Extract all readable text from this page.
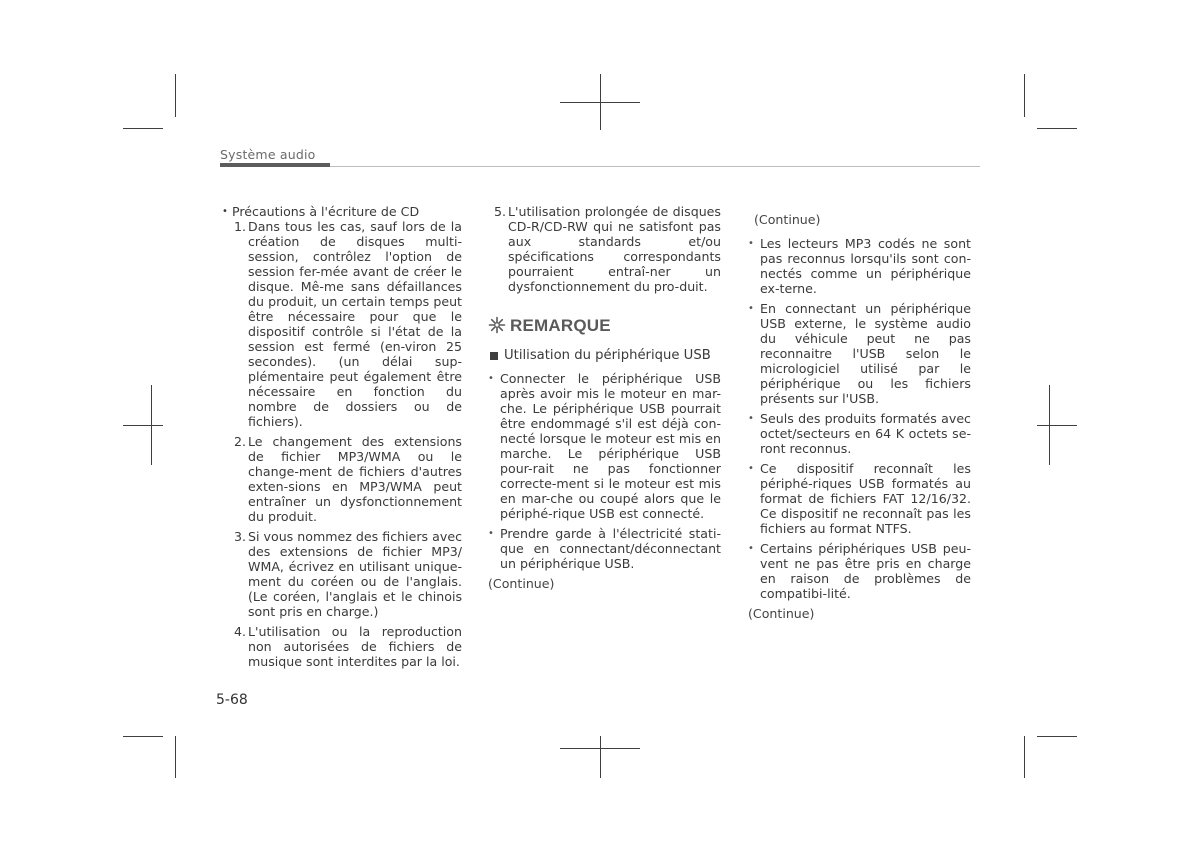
Système audio
• Précautions à l'écriture de CD
1. Dans tous les cas, sauf lors de la création de disques multi-session, contrôlez l'option de session fer-mée avant de créer le disque. Mê-me sans défaillances du produit, un certain temps peut être nécessaire pour que le dispositif contrôle si l'état de la session est fermé (en-viron 25 secondes). (un délai sup-plémentaire peut également être nécessaire en fonction du nombre de dossiers ou de fichiers).
2. Le changement des extensions de fichier MP3/WMA ou le change-ment de fichiers d'autres exten-sions en MP3/WMA peut entraîner un dysfonctionnement du produit.
3. Si vous nommez des fichiers avec des extensions de fichier MP3/ WMA, écrivez en utilisant unique-ment du coréen ou de l'anglais. (Le coréen, l'anglais et le chinois sont pris en charge.)
4. L'utilisation ou la reproduction non autorisées de fichiers de musique sont interdites par la loi.
5. L'utilisation prolongée de disques CD-R/CD-RW qui ne satisfont pas aux standards et/ou spécifications correspondants pourraient entraî-ner un dysfonctionnement du pro-duit.
REMARQUE
Utilisation du périphérique USB
• Connecter le périphérique USB après avoir mis le moteur en mar-che. Le périphérique USB pourrait être endommagé s'il est déjà con-necté lorsque le moteur est mis en marche. Le périphérique USB pour-rait ne pas fonctionner correcte-ment si le moteur est mis en mar-che ou coupé alors que le périphé-rique USB est connecté.
• Prendre garde à l'électricité stati-que en connectant/déconnectant un périphérique USB.
(Continue)
(Continue)
• Les lecteurs MP3 codés ne sont pas reconnus lorsqu'ils sont con-nectés comme un périphérique ex-terne.
• En connectant un périphérique USB externe, le système audio du véhicule peut ne pas reconnaitre l'USB selon le micrologiciel utilisé par le périphérique ou les fichiers présents sur l'USB.
• Seuls des produits formatés avec octet/secteurs en 64 K octets se-ront reconnus.
• Ce dispositif reconnaît les périphé-riques USB formatés au format de fichiers FAT 12/16/32. Ce dispositif ne reconnaît pas les fichiers au format NTFS.
• Certains périphériques USB peu-vent ne pas être pris en charge en raison de problèmes de compatibi-lité.
(Continue)
5-68
